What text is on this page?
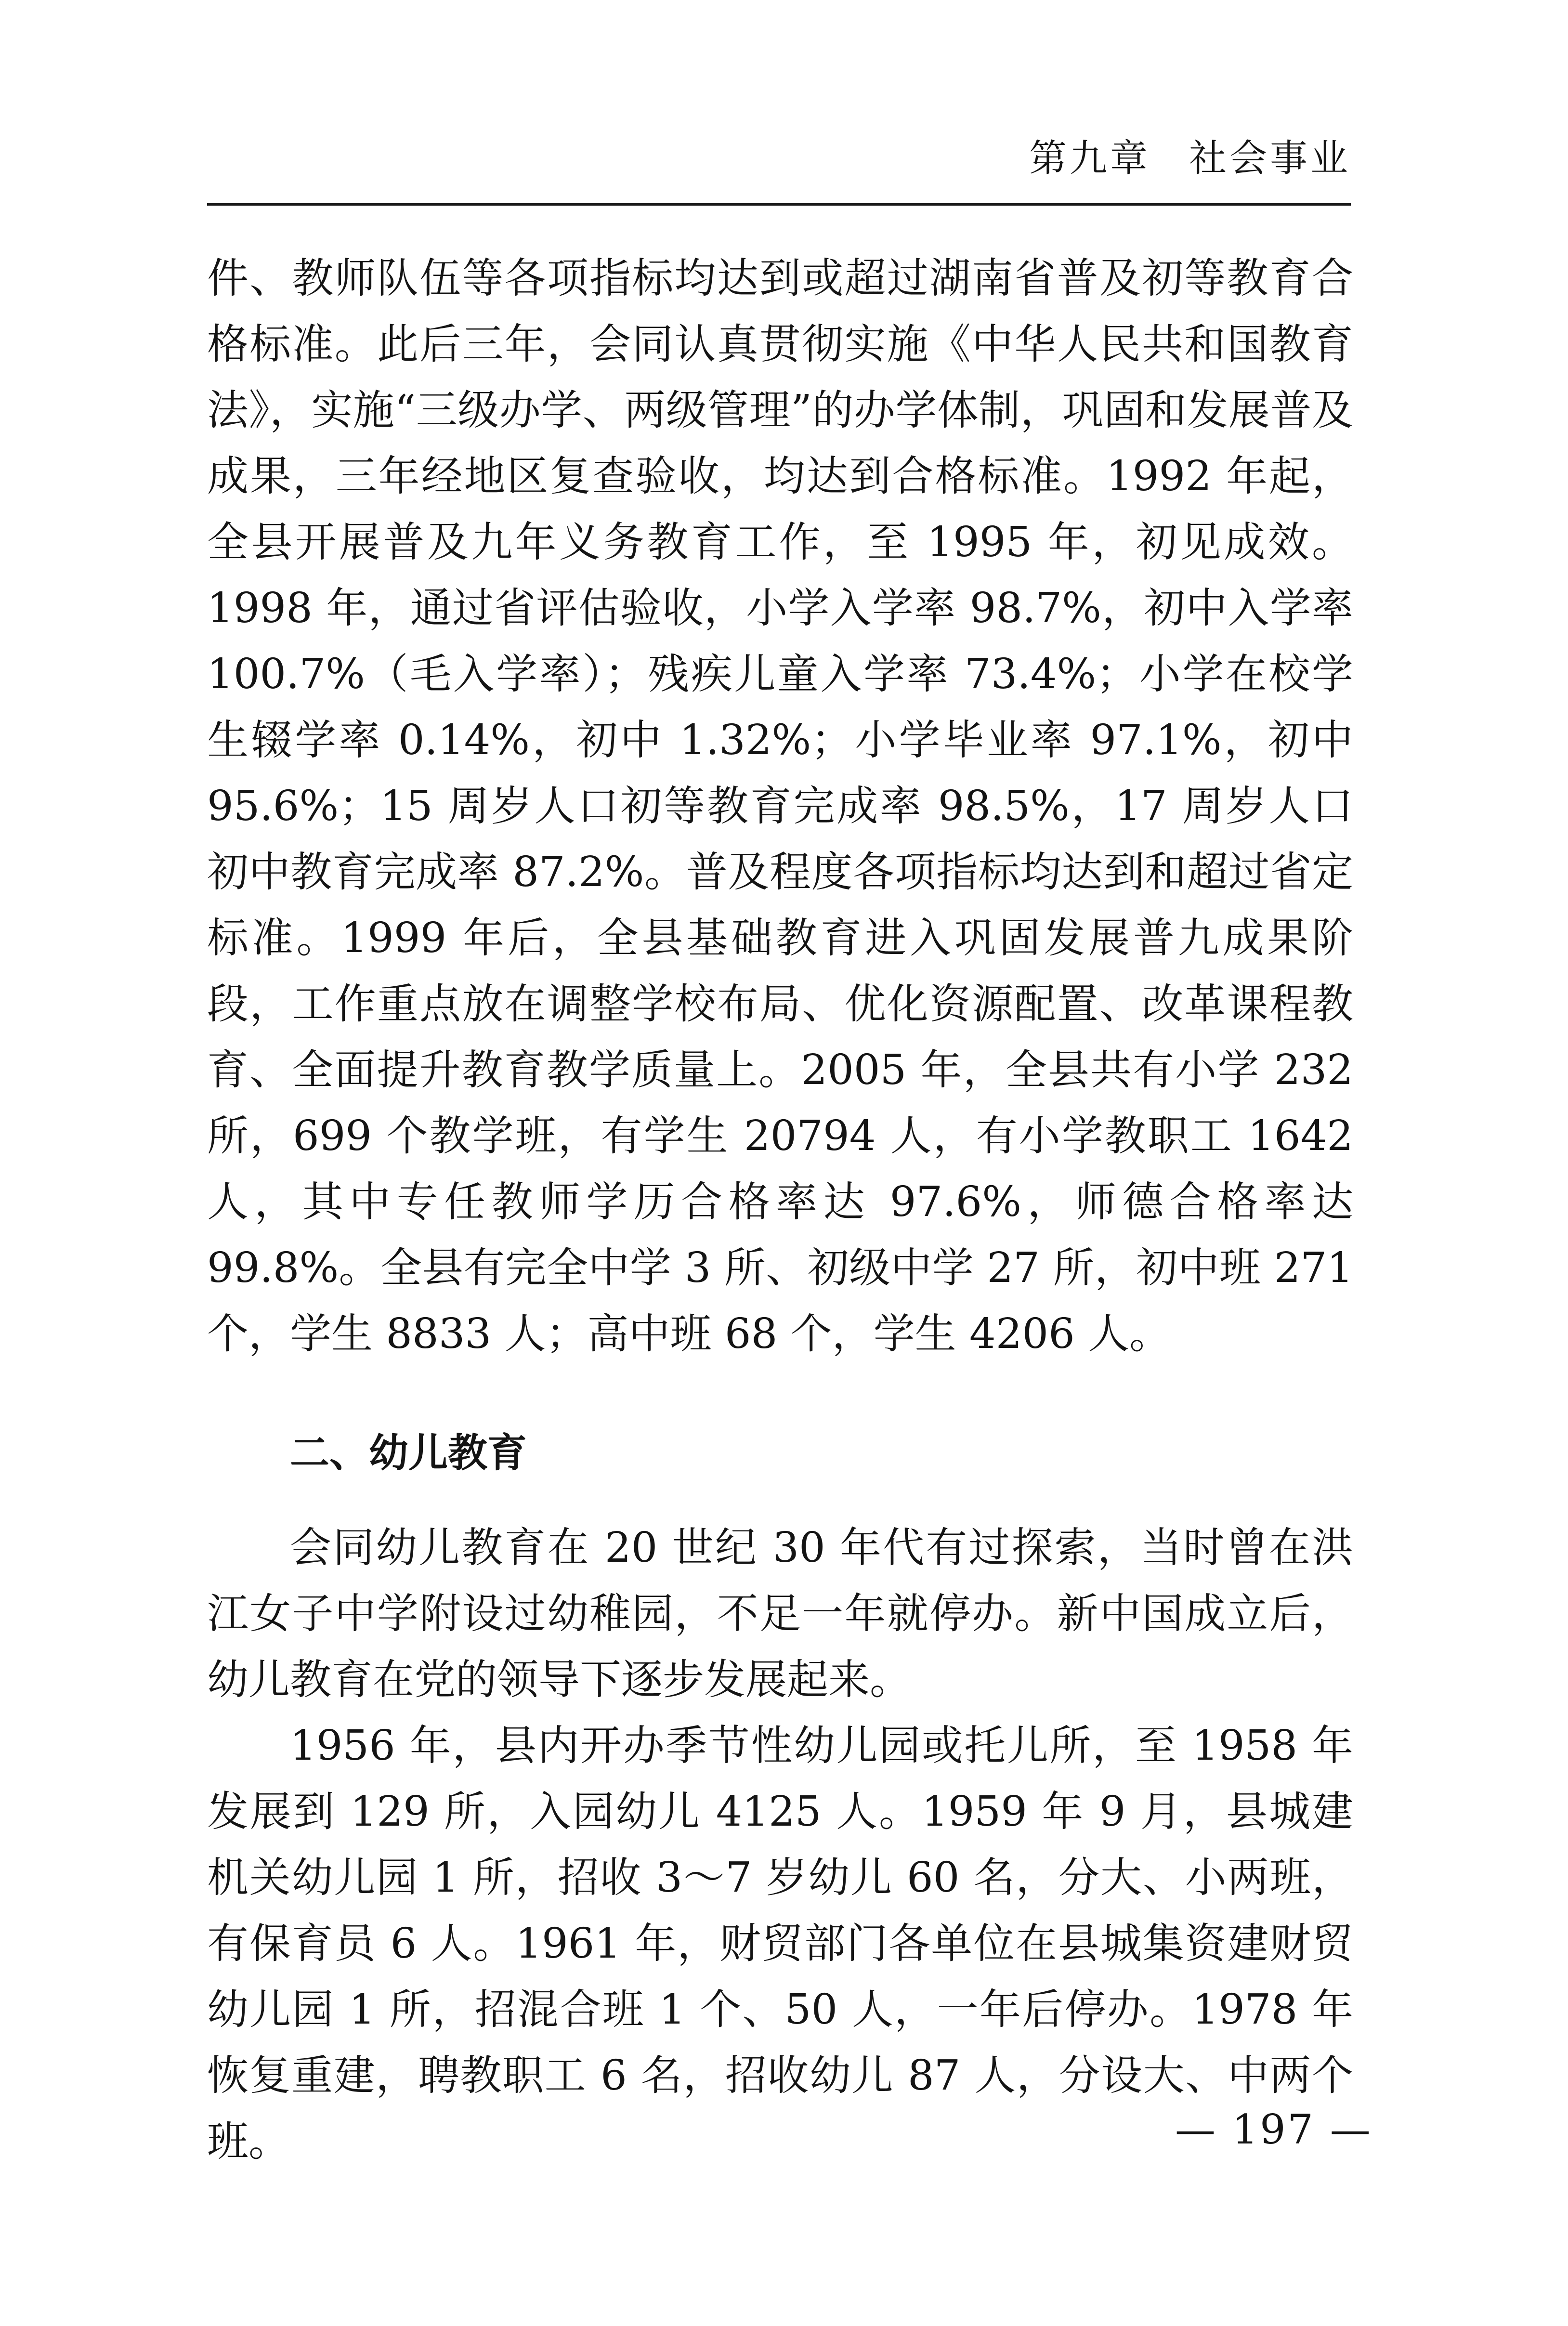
第九章 社会事业

件、教师队伍等各项指标均达到或超过湖南省普及初等教育合格标准。此后三年，会同认真贯彻实施《中华人民共和国教育法》，实施“三级办学、两级管理”的办学体制，巩固和发展普及成果，三年经地区复查验收，均达到合格标准。1992 年起，全县开展普及九年义务教育工作，至 1995 年，初见成效。1998 年，通过省评估验收，小学入学率 98.7%，初中入学率 100.7%（毛入学率）；残疾儿童入学率 73.4%；小学在校学生辍学率 0.14%，初中 1.32%；小学毕业率 97.1%，初中 95.6%；15 周岁人口初等教育完成率 98.5%，17 周岁人口初中教育完成率 87.2%。普及程度各项指标均达到和超过省定标准。1999 年后，全县基础教育进入巩固发展普九成果阶段，工作重点放在调整学校布局、优化资源配置、改革课程教育、全面提升教育教学质量上。2005 年，全县共有小学 232 所，699 个教学班，有学生 20794 人，有小学教职工 1642 人，其中专任教师学历合格率达 97.6%，师德合格率达 99.8%。全县有完全中学 3 所、初级中学 27 所，初中班 271 个，学生 8833 人；高中班 68 个，学生 4206 人。

二、幼儿教育

会同幼儿教育在 20 世纪 30 年代有过探索，当时曾在洪江女子中学附设过幼稚园，不足一年就停办。新中国成立后，幼儿教育在党的领导下逐步发展起来。

1956 年，县内开办季节性幼儿园或托儿所，至 1958 年发展到 129 所，入园幼儿 4125 人。1959 年 9 月，县城建机关幼儿园 1 所，招收 3～7 岁幼儿 60 名，分大、小两班，有保育员 6 人。1961 年，财贸部门各单位在县城集资建财贸幼儿园 1 所，招混合班 1 个、50 人，一年后停办。1978 年恢复重建，聘教职工 6 名，招收幼儿 87 人，分设大、中两个班。	— 197 —
